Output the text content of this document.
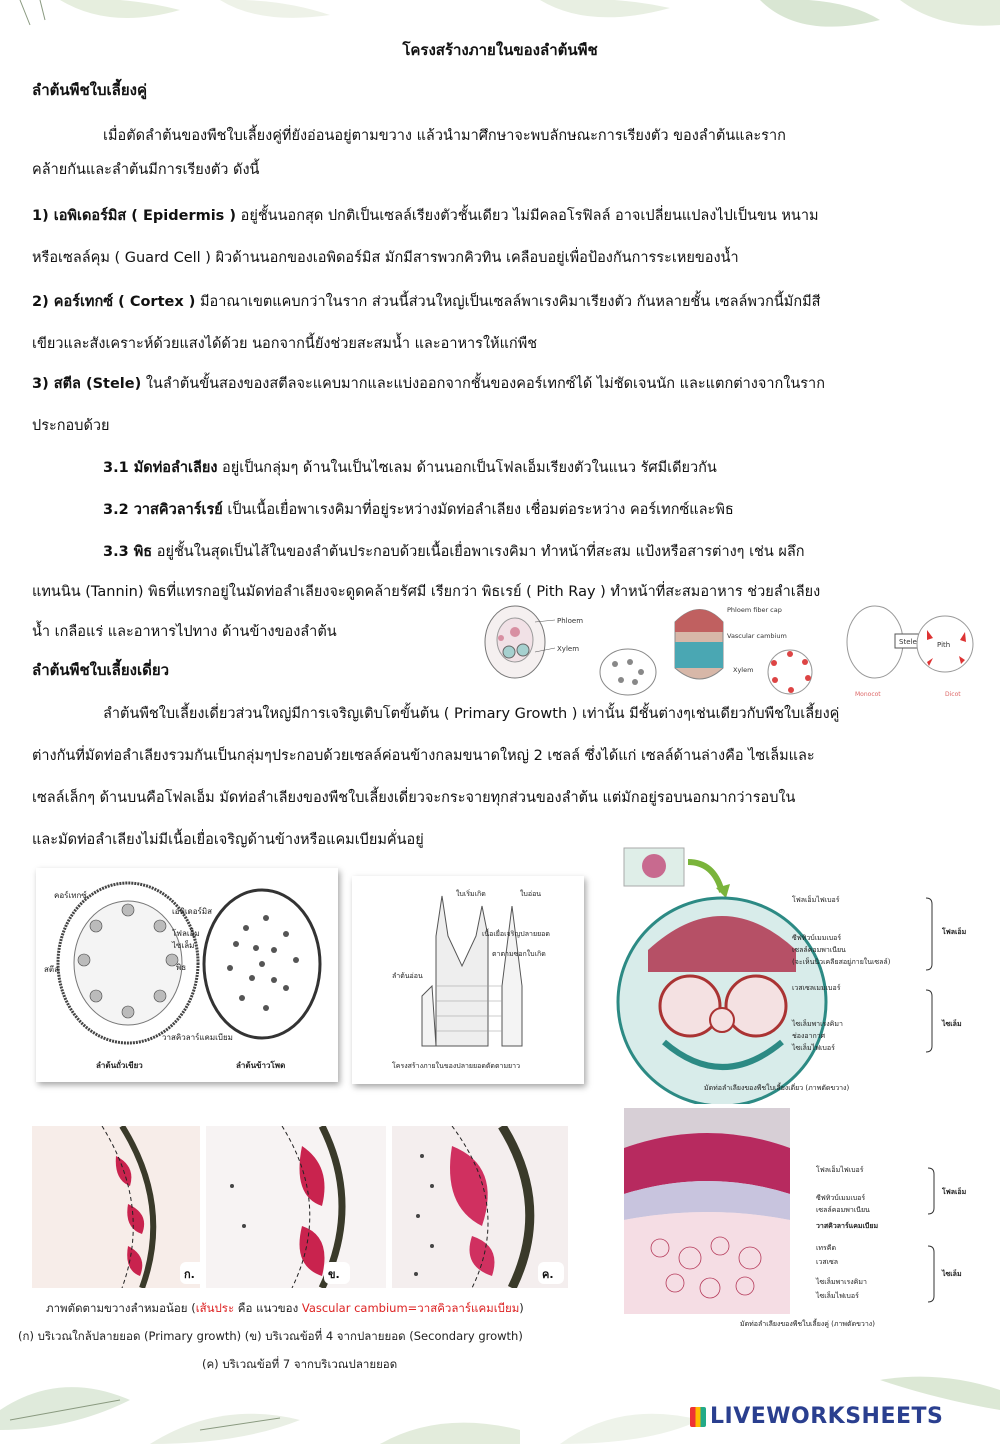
โครงสร้างภายในของลำต้นพืช
ลำต้นพืชใบเลี้ยงคู่
เมื่อตัดลำต้นของพืชใบเลี้ยงคู่ที่ยังอ่อนอยู่ตามขวาง แล้วนำมาศึกษาจะพบลักษณะการเรียงตัว ของลำต้นและราก
คล้ายกันและลำต้นมีการเรียงตัว ดังนี้
1) เอพิเดอร์มิส ( Epidermis ) อยู่ชั้นนอกสุด ปกติเป็นเซลล์เรียงตัวชั้นเดียว ไม่มีคลอโรฟิลล์ อาจเปลี่ยนแปลงไปเป็นขน หนาม
หรือเซลล์คุม ( Guard Cell ) ผิวด้านนอกของเอพิดอร์มิส มักมีสารพวกคิวทิน เคลือบอยู่เพื่อป้องกันการระเหยของน้ำ
2) คอร์เทกซ์ ( Cortex ) มีอาณาเขตแคบกว่าในราก ส่วนนี้ส่วนใหญ่เป็นเซลล์พาเรงคิมาเรียงตัว กันหลายชั้น เซลล์พวกนี้มักมีสี
เขียวและสังเคราะห์ด้วยแสงได้ด้วย นอกจากนี้ยังช่วยสะสมน้ำ และอาหารให้แก่พืช
3) สตีล (Stele) ในลำต้นขั้นสองของสตีลจะแคบมากและแบ่งออกจากชั้นของคอร์เทกซ์ได้ ไม่ชัดเจนนัก และแตกต่างจากในราก
ประกอบด้วย
3.1 มัดท่อลำเลียง อยู่เป็นกลุ่มๆ ด้านในเป็นไซเลม ด้านนอกเป็นโฟลเอ็มเรียงตัวในแนว รัศมีเดียวกัน
3.2 วาสคิวลาร์เรย์ เป็นเนื้อเยื่อพาเรงคิมาที่อยู่ระหว่างมัดท่อลำเลียง เชื่อมต่อระหว่าง คอร์เทกซ์และพิธ
3.3 พิธ อยู่ชั้นในสุดเป็นไส้ในของลำต้นประกอบด้วยเนื้อเยื่อพาเรงคิมา ทำหน้าที่สะสม แป้งหรือสารต่างๆ เช่น ผลึก
แทนนิน (Tannin) พิธที่แทรกอยู่ในมัดท่อลำเลียงจะดูดคล้ายรัศมี เรียกว่า พิธเรย์ ( Pith Ray ) ทำหน้าที่สะสมอาหาร ช่วยลำเลียง
น้ำ เกลือแร่ และอาหารไปทาง ด้านข้างของลำต้น
Phloem
Xylem
Phloem fiber cap
Vascular cambium
Xylem
Stele	Pith
Monocot	Dicot
ลำต้นพืชใบเลี้ยงเดี่ยว
ลำต้นพืชใบเลี้ยงเดี่ยวส่วนใหญ่มีการเจริญเติบโตขั้นต้น ( Primary Growth ) เท่านั้น มีชั้นต่างๆเช่นเดียวกับพืชใบเลี้ยงคู่
ต่างกันที่มัดท่อลำเลียงรวมกันเป็นกลุ่มๆประกอบด้วยเซลล์ค่อนข้างกลมขนาดใหญ่ 2 เซลล์ ซึ่งได้แก่ เซลล์ด้านล่างคือ ไซเล็มและ
เซลล์เล็กๆ ด้านบนคือโฟลเอ็ม มัดท่อลำเลียงของพืชใบเลี้ยงเดี่ยวจะกระจายทุกส่วนของลำต้น แต่มักอยู่รอบนอกมากว่ารอบใน
และมัดท่อลำเลียงไม่มีเนื้อเยื่อเจริญด้านข้างหรือแคมเบียมคั่นอยู่
คอร์เทกซ์
เอพิเดอร์มิส
โฟลเอ็ม
ไซเล็ม
พิธ
สตีล
วาสคิวลาร์แคมเบียม
ลำต้นถั่วเขียว	ลำต้นข้าวโพด
ใบเริ่มเกิด	ใบอ่อน
เนื้อเยื่อเจริญปลายยอด
ตาตามซอกใบเกิด
ลำต้นอ่อน
โครงสร้างภายในของปลายยอดตัดตามยาว
โฟลเอ็มไฟเบอร์
ซีฟทิวบ์เมมเบอร์
เซลล์คอมพาเนียน
(จะเห็นนิวเคลียสอยู่ภายในเซลล์)
เวสเซลเมมเบอร์
ไซเล็มพาเรงคิมา
ช่องอากาศ
ไซเล็มไฟเบอร์
โฟลเอ็ม
ไซเล็ม
มัดท่อลำเลียงของพืชใบเลี้ยงเดี่ยว (ภาพตัดขวาง)
โฟลเอ็มไฟเบอร์
ซีฟทิวบ์เมมเบอร์
เซลล์คอมพาเนียน
วาสคิวลาร์แคมเบียม
เทรคีด
เวสเซล
ไซเล็มพาเรงคิมา
ไซเล็มไฟเบอร์
โฟลเอ็ม
ไซเล็ม
มัดท่อลำเลียงของพืชใบเลี้ยงคู่ (ภาพตัดขวาง)
ก.	ข.	ค.
ภาพตัดตามขวางลำหมอน้อย (เส้นประ คือ แนวของ Vascular cambium=วาสคิวลาร์แคมเบียม)
(ก) บริเวณใกล้ปลายยอด (Primary growth) (ข) บริเวณข้อที่ 4 จากปลายยอด (Secondary growth)
(ค) บริเวณข้อที่ 7 จากบริเวณปลายยอด
LIVEWORKSHEETS
